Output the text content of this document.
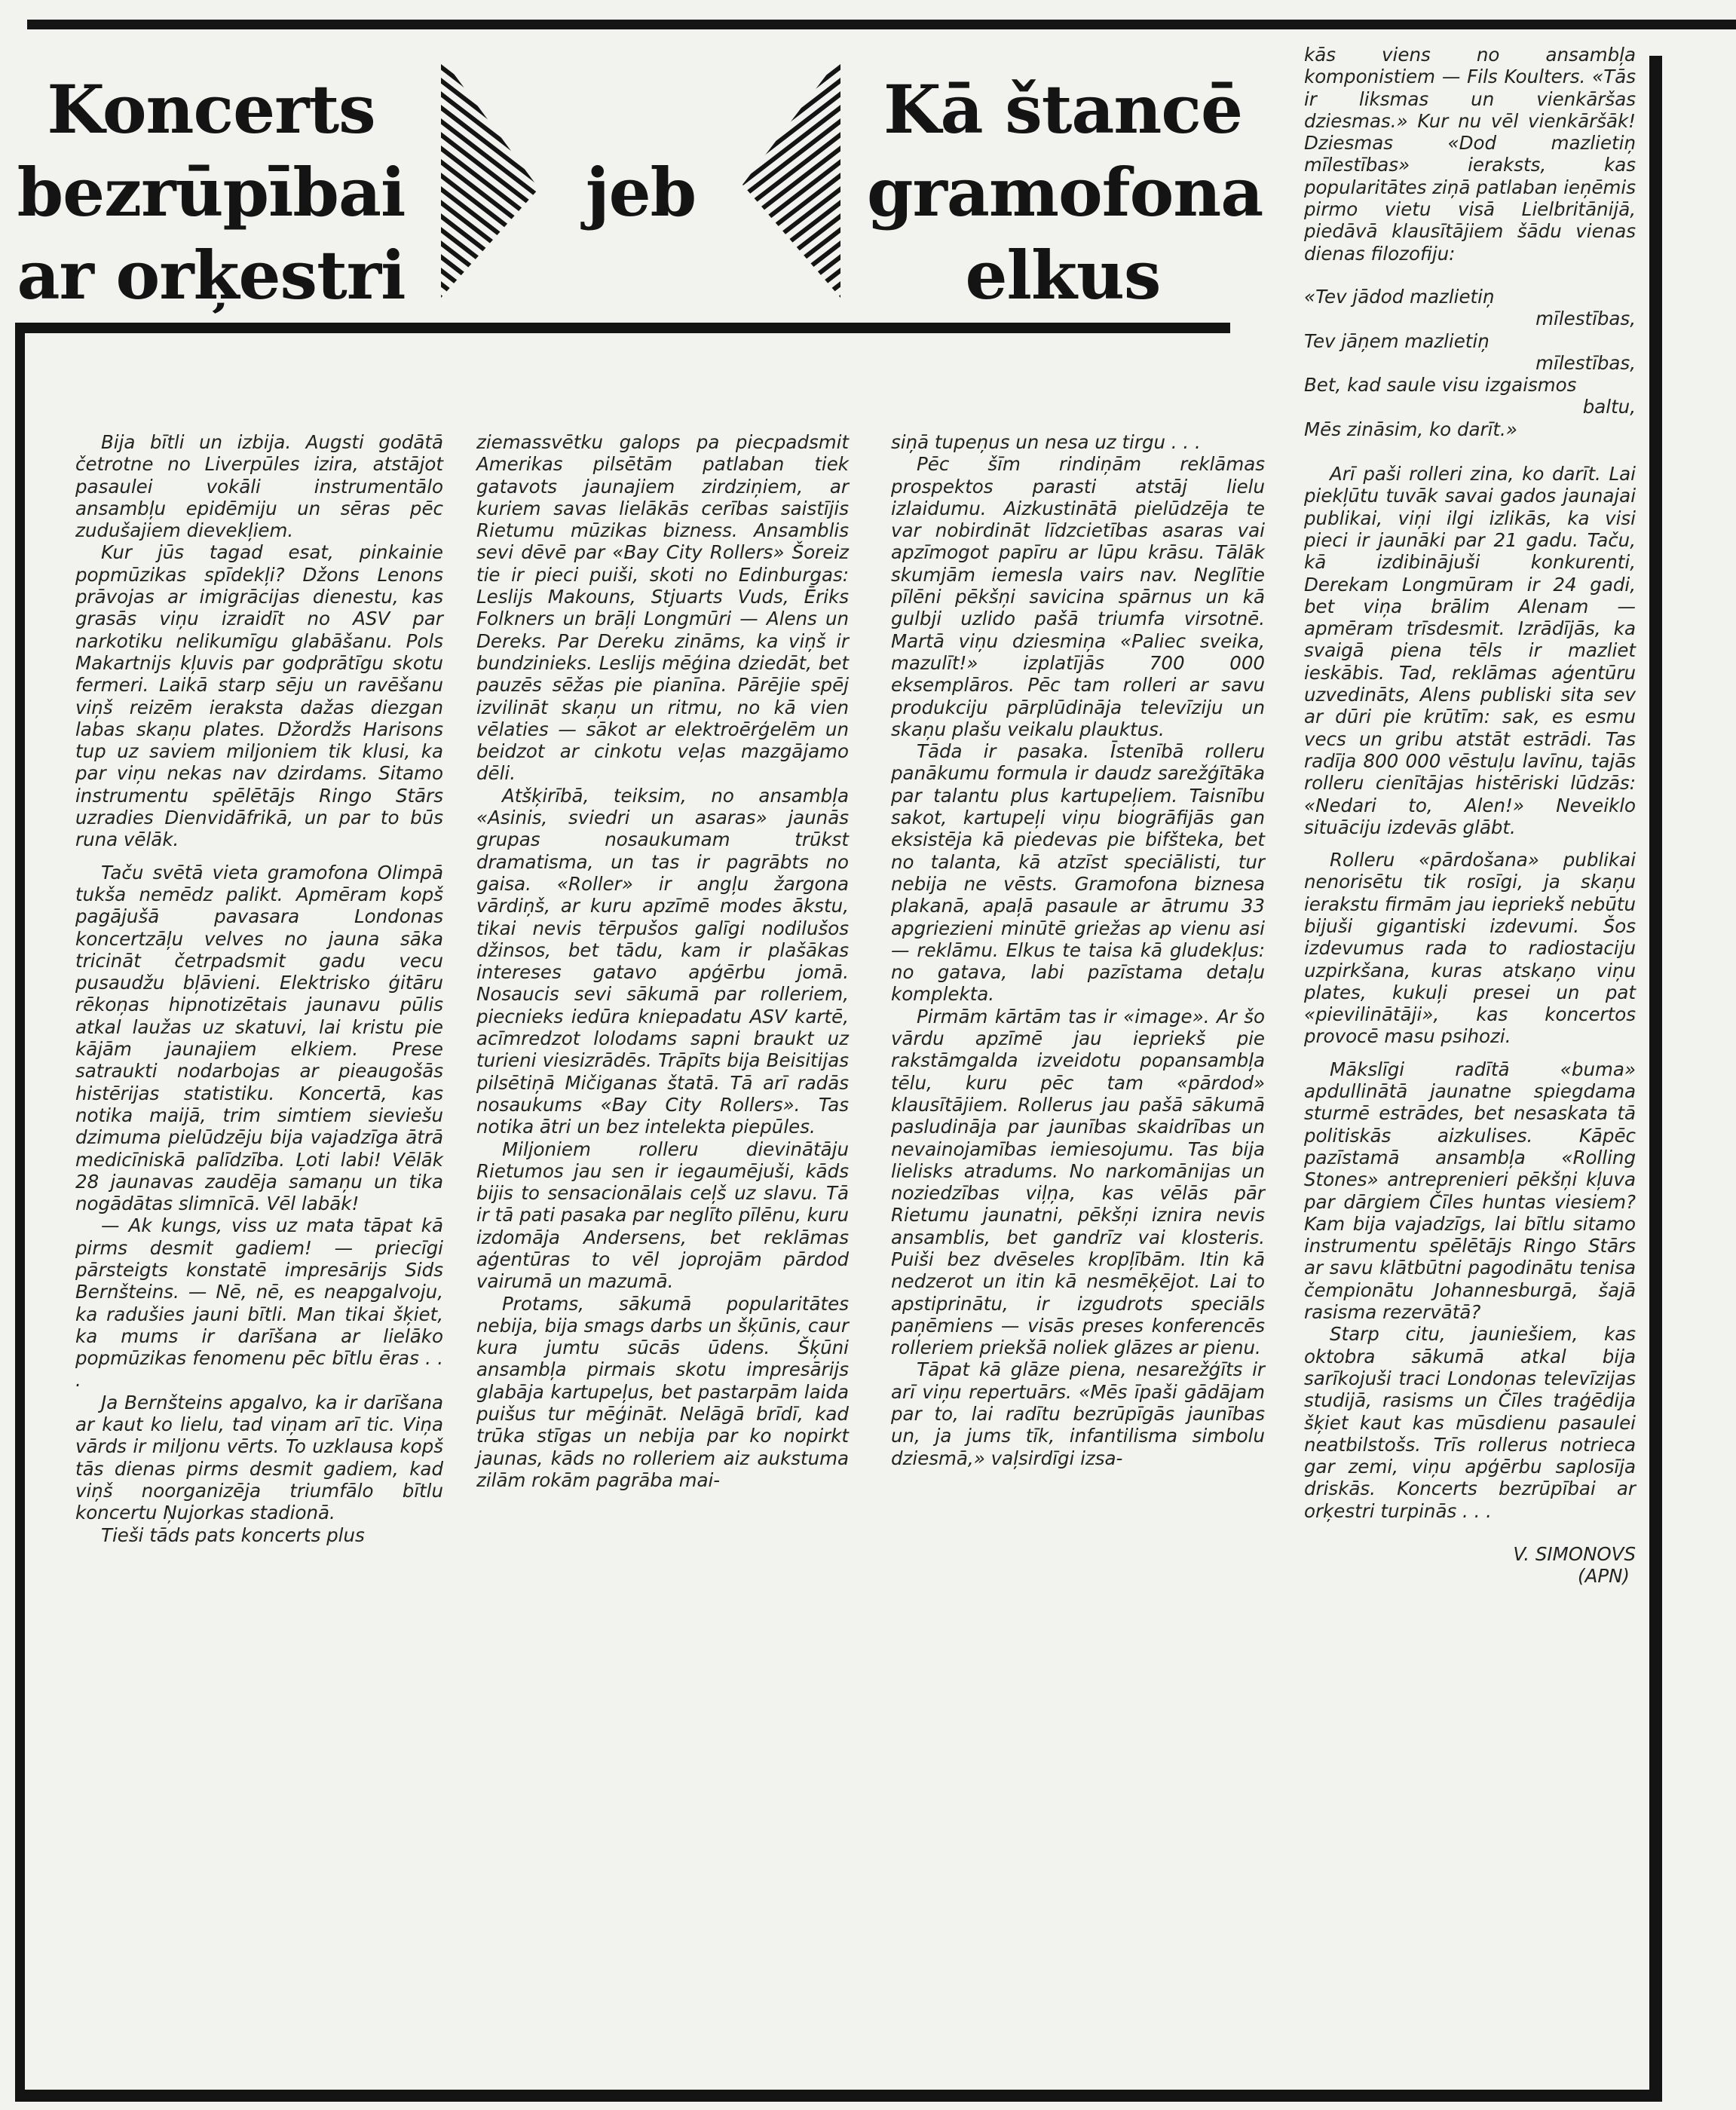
Koncerts
bezrūpībai
ar orķestri
jeb
Kā štancē
gramofona
elkus

Bija bītli un izbija. Augsti godātā četrotne no Liverpūles izira, atstājot pasaulei vokāli instrumentālo ansambļu epidēmiju un sēras pēc zudušajiem dievekļiem.

Kur jūs tagad esat, pinkainie popmūzikas spīdekļi? Džons Lenons prāvojas ar imigrācijas dienestu, kas grasās viņu izraidīt no ASV par narkotiku nelikumīgu glabāšanu. Pols Makartnijs kļuvis par godprātīgu skotu fermeri. Laikā starp sēju un ravēšanu viņš reizēm ieraksta dažas diezgan labas skaņu plates. Džordžs Harisons tup uz saviem miljoniem tik klusi, ka par viņu nekas nav dzirdams. Sitamo instrumentu spēlētājs Ringo Stārs uzradies Dienvidāfrikā, un par to būs runa vēlāk.

Taču svētā vieta gramofona Olimpā tukša nemēdz palikt. Apmēram kopš pagājušā pavasara Londonas koncertzāļu velves no jauna sāka tricināt četrpadsmit gadu vecu pusaudžu bļāvieni. Elektrisko ģitāru rēkoņas hipnotizētais jaunavu pūlis atkal laužas uz skatuvi, lai kristu pie kājām jaunajiem elkiem. Prese satraukti nodarbojas ar pieaugošās histērijas statistiku. Koncertā, kas notika maijā, trim simtiem sieviešu dzimuma pielūdzēju bija vajadzīga ātrā medicīniskā palīdzība. Ļoti labi! Vēlāk 28 jaunavas zaudēja samaņu un tika nogādātas slimnīcā. Vēl labāk!

— Ak kungs, viss uz mata tāpat kā pirms desmit gadiem! — priecīgi pārsteigts konstatē impresārijs Sids Bernšteins. — Nē, nē, es neapgalvoju, ka radušies jauni bītli. Man tikai šķiet, ka mums ir darīšana ar lielāko popmūzikas fenomenu pēc bītlu ēras . . .

Ja Bernšteins apgalvo, ka ir darīšana ar kaut ko lielu, tad viņam arī tic. Viņa vārds ir miljonu vērts. To uzklausa kopš tās dienas pirms desmit gadiem, kad viņš noorganizēja triumfālo bītlu koncertu Ņujorkas stadionā.

Tieši tāds pats koncerts plus

ziemassvētku galops pa piecpadsmit Amerikas pilsētām patlaban tiek gatavots jaunajiem zirdziņiem, ar kuriem savas lielākās cerības saistījis Rietumu mūzikas bizness. Ansamblis sevi dēvē par «Bay City Rollers» Šoreiz tie ir pieci puiši, skoti no Edinburgas: Leslijs Makouns, Stjuarts Vuds, Ēriks Folkners un brāļi Longmūri — Alens un Dereks. Par Dereku zināms, ka viņš ir bundzinieks. Leslijs mēģina dziedāt, bet pauzēs sēžas pie pianīna. Pārējie spēj izvilināt skaņu un ritmu, no kā vien vēlaties — sākot ar elektroērģelēm un beidzot ar cinkotu veļas mazgājamo dēli.

Atšķirībā, teiksim, no ansambļa «Asinis, sviedri un asaras» jaunās grupas nosaukumam trūkst dramatisma, un tas ir pagrābts no gaisa. «Roller» ir angļu žargona vārdiņš, ar kuru apzīmē modes ākstu, tikai nevis tērpušos galīgi nodilušos džinsos, bet tādu, kam ir plašākas intereses gatavo apģērbu jomā. Nosaucis sevi sākumā par rolleriem, piecnieks iedūra kniepadatu ASV kartē, acīmredzot lolodams sapni braukt uz turieni viesizrādēs. Trāpīts bija Beisitijas pilsētiņā Mičiganas štatā. Tā arī radās nosaukums «Bay City Rollers». Tas notika ātri un bez intelekta piepūles.

Miljoniem rolleru dievinātāju Rietumos jau sen ir iegaumējuši, kāds bijis to sensacionālais ceļš uz slavu. Tā ir tā pati pasaka par neglīto pīlēnu, kuru izdomāja Andersens, bet reklāmas aģentūras to vēl joprojām pārdod vairumā un mazumā.

Protams, sākumā popularitātes nebija, bija smags darbs un šķūnis, caur kura jumtu sūcās ūdens. Šķūni ansambļa pirmais skotu impresārijs glabāja kartupeļus, bet pastarpām laida puišus tur mēģināt. Nelāgā brīdī, kad trūka stīgas un nebija par ko nopirkt jaunas, kāds no rolleriem aiz aukstuma zilām rokām pagrāba mai-

siņā tupeņus un nesa uz tirgu . . .

Pēc šīm rindiņām reklāmas prospektos parasti atstāj lielu izlaidumu. Aizkustinātā pielūdzēja te var nobirdināt līdzcietības asaras vai apzīmogot papīru ar lūpu krāsu. Tālāk skumjām iemesla vairs nav. Neglītie pīlēni pēkšņi savicina spārnus un kā gulbji uzlido pašā triumfa virsotnē. Martā viņu dziesmiņa «Paliec sveika, mazulīt!» izplatījās 700 000 eksemplāros. Pēc tam rolleri ar savu produkciju pārplūdināja televīziju un skaņu plašu veikalu plauktus.

Tāda ir pasaka. Īstenībā rolleru panākumu formula ir daudz sarežģītāka par talantu plus kartupeļiem. Taisnību sakot, kartupeļi viņu biogrāfijās gan eksistēja kā piedevas pie bifšteka, bet no talanta, kā atzīst speciālisti, tur nebija ne vēsts. Gramofona biznesa plakanā, apaļā pasaule ar ātrumu 33 apgriezieni minūtē griežas ap vienu asi — reklāmu. Elkus te taisa kā gludekļus: no gatava, labi pazīstama detaļu komplekta.

Pirmām kārtām tas ir «image». Ar šo vārdu apzīmē jau iepriekš pie rakstāmgalda izveidotu popansambļa tēlu, kuru pēc tam «pārdod» klausītājiem. Rollerus jau pašā sākumā pasludināja par jaunības skaidrības un nevainojamības iemiesojumu. Tas bija lielisks atradums. No narkomānijas un noziedzības viļņa, kas vēlās pār Rietumu jaunatni, pēkšņi iznira nevis ansamblis, bet gandrīz vai klosteris. Puiši bez dvēseles kropļībām. Itin kā nedzerot un itin kā nesmēķējot. Lai to apstiprinātu, ir izgudrots speciāls paņēmiens — visās preses konferencēs rolleriem priekšā noliek glāzes ar pienu.

Tāpat kā glāze piena, nesarežģīts ir arī viņu repertuārs. «Mēs īpaši gādājam par to, lai radītu bezrūpīgās jaunības un, ja jums tīk, infantilisma simbolu dziesmā,» vaļsirdīgi izsa-

kās viens no ansambļa komponistiem — Fils Koulters. «Tās ir liksmas un vienkāršas dziesmas.» Kur nu vēl vienkāršāk! Dziesmas «Dod mazlietiņ mīlestības» ieraksts, kas popularitātes ziņā patlaban ieņēmis pirmo vietu visā Lielbritānijā, piedāvā klausītājiem šādu vienas dienas filozofiju:

«Tev jādod mazlietiņ
mīlestības,
Tev jāņem mazlietiņ
mīlestības,
Bet, kad saule visu izgaismos
baltu,
Mēs zināsim, ko darīt.»

Arī paši rolleri zina, ko darīt. Lai piekļūtu tuvāk savai gados jaunajai publikai, viņi ilgi izlikās, ka visi pieci ir jaunāki par 21 gadu. Taču, kā izdibinājuši konkurenti, Derekam Longmūram ir 24 gadi, bet viņa brālim Alenam — apmēram trīsdesmit. Izrādījās, ka svaigā piena tēls ir mazliet ieskābis. Tad, reklāmas aģentūru uzvedināts, Alens publiski sita sev ar dūri pie krūtīm: sak, es esmu vecs un gribu atstāt estrādi. Tas radīja 800 000 vēstuļu lavīnu, tajās rolleru cienītājas histēriski lūdzās: «Nedari to, Alen!» Neveiklo situāciju izdevās glābt.

Rolleru «pārdošana» publikai nenorisētu tik rosīgi, ja skaņu ierakstu firmām jau iepriekš nebūtu bijuši gigantiski izdevumi. Šos izdevumus rada to radiostaciju uzpirkšana, kuras atskaņo viņu plates, kukuļi presei un pat «pievilinātāji», kas koncertos provocē masu psihozi.

Mākslīgi radītā «buma» apdullinātā jaunatne spiegdama sturmē estrādes, bet nesaskata tā politiskās aizkulises. Kāpēc pazīstamā ansambļa «Rolling Stones» antreprenieri pēkšņi kļuva par dārgiem Čīles huntas viesiem? Kam bija vajadzīgs, lai bītlu sitamo instrumentu spēlētājs Ringo Stārs ar savu klātbūtni pagodinātu tenisa čempionātu Johannesburgā, šajā rasisma rezervātā?

Starp citu, jauniešiem, kas oktobra sākumā atkal bija sarīkojuši traci Londonas televīzijas studijā, rasisms un Čīles traģēdija šķiet kaut kas mūsdienu pasaulei neatbilstošs. Trīs rollerus notrieca gar zemi, viņu apģērbu saplosīja driskās. Koncerts bezrūpībai ar orķestri turpinās . . .

V. SIMONOVS
(APN)
